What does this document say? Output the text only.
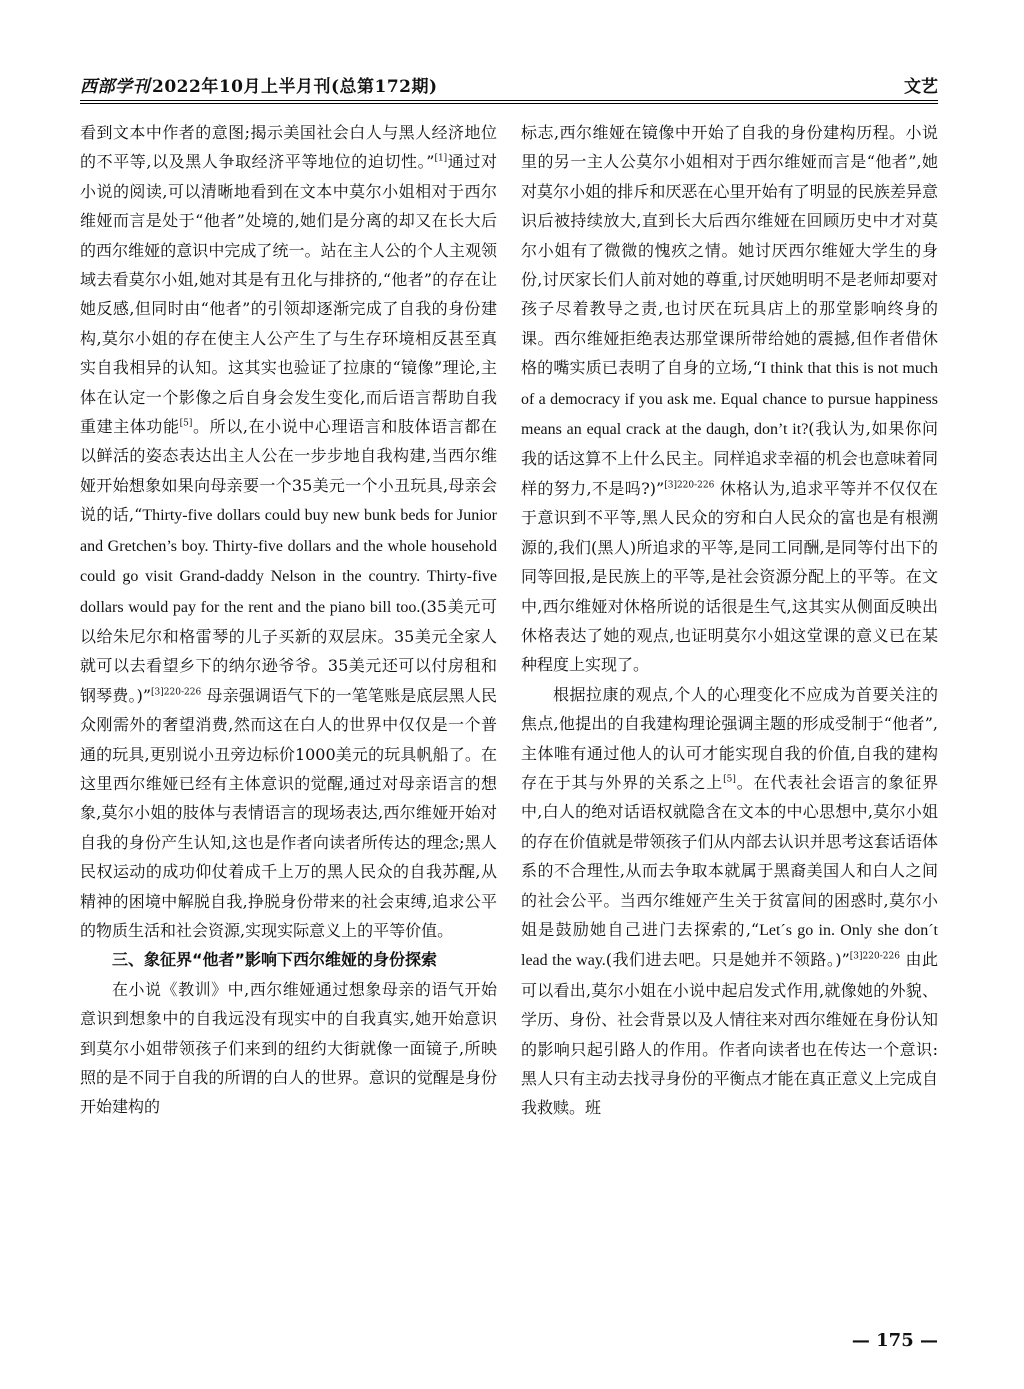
西部学刊 2022年10月上半月刊(总第172期)	文艺

看到文本中作者的意图;揭示美国社会白人与黑人经济地位的不平等,以及黑人争取经济平等地位的迫切性。”[1]通过对小说的阅读,可以清晰地看到在文本中莫尔小姐相对于西尔维娅而言是处于“他者”处境的,她们是分离的却又在长大后的西尔维娅的意识中完成了统一。站在主人公的个人主观领域去看莫尔小姐,她对其是有丑化与排挤的,“他者”的存在让她反感,但同时由“他者”的引领却逐渐完成了自我的身份建构,莫尔小姐的存在使主人公产生了与生存环境相反甚至真实自我相异的认知。这其实也验证了拉康的“镜像”理论,主体在认定一个影像之后自身会发生变化,而后语言帮助自我重建主体功能[5]。所以,在小说中心理语言和肢体语言都在以鲜活的姿态表达出主人公在一步步地自我构建,当西尔维娅开始想象如果向母亲要一个35美元一个小丑玩具,母亲会说的话,“Thirty-five dollars could buy new bunk beds for Junior and Gretchen’s boy. Thirty-five dollars and the whole household could go visit Grand-daddy Nelson in the country. Thirty-five dollars would pay for the rent and the piano bill too.(35美元可以给朱尼尔和格雷琴的儿子买新的双层床。35美元全家人就可以去看望乡下的纳尔逊爷爷。35美元还可以付房租和钢琴费。)”$^{[3]220-226}$ 母亲强调语气下的一笔笔账是底层黑人民众刚需外的奢望消费,然而这在白人的世界中仅仅是一个普通的玩具,更别说小丑旁边标价1000美元的玩具帆船了。在这里西尔维娅已经有主体意识的觉醒,通过对母亲语言的想象,莫尔小姐的肢体与表情语言的现场表达,西尔维娅开始对自我的身份产生认知,这也是作者向读者所传达的理念;黑人民权运动的成功仰仗着成千上万的黑人民众的自我苏醒,从精神的困境中解脱自我,挣脱身份带来的社会束缚,追求公平的物质生活和社会资源,实现实际意义上的平等价值。

三、象征界“他者”影响下西尔维娅的身份探索

在小说《教训》中,西尔维娅通过想象母亲的语气开始意识到想象中的自我远没有现实中的自我真实,她开始意识到莫尔小姐带领孩子们来到的纽约大街就像一面镜子,所映照的是不同于自我的所谓的白人的世界。意识的觉醒是身份开始建构的

标志,西尔维娅在镜像中开始了自我的身份建构历程。小说里的另一主人公莫尔小姐相对于西尔维娅而言是“他者”,她对莫尔小姐的排斥和厌恶在心里开始有了明显的民族差异意识后被持续放大,直到长大后西尔维娅在回顾历史中才对莫尔小姐有了微微的愧疚之情。她讨厌西尔维娅大学生的身份,讨厌家长们人前对她的尊重,讨厌她明明不是老师却要对孩子尽着教导之责,也讨厌在玩具店上的那堂影响终身的课。西尔维娅拒绝表达那堂课所带给她的震撼,但作者借休格的嘴实质已表明了自身的立场,“I think that this is not much of a democracy if you ask me. Equal chance to pursue happiness means an equal crack at the daugh, don’t it?(我认为,如果你问我的话这算不上什么民主。同样追求幸福的机会也意味着同样的努力,不是吗?)”$^{[3]220-226}$ 休格认为,追求平等并不仅仅在于意识到不平等,黑人民众的穷和白人民众的富也是有根溯源的,我们(黑人)所追求的平等,是同工同酬,是同等付出下的同等回报,是民族上的平等,是社会资源分配上的平等。在文中,西尔维娅对休格所说的话很是生气,这其实从侧面反映出休格表达了她的观点,也证明莫尔小姐这堂课的意义已在某种程度上实现了。

根据拉康的观点,个人的心理变化不应成为首要关注的焦点,他提出的自我建构理论强调主题的形成受制于“他者”,主体唯有通过他人的认可才能实现自我的价值,自我的建构存在于其与外界的关系之上[5]。在代表社会语言的象征界中,白人的绝对话语权就隐含在文本的中心思想中,莫尔小姐的存在价值就是带领孩子们从内部去认识并思考这套话语体系的不合理性,从而去争取本就属于黑裔美国人和白人之间的社会公平。当西尔维娅产生关于贫富间的困惑时,莫尔小姐是鼓励她自己进门去探索的,“Let´s go in. Only she don´t lead the way.(我们进去吧。只是她并不领路。)”$^{[3]220-226}$ 由此可以看出,莫尔小姐在小说中起启发式作用,就像她的外貌、学历、身份、社会背景以及人情往来对西尔维娅在身份认知的影响只起引路人的作用。作者向读者也在传达一个意识:黑人只有主动去找寻身份的平衡点才能在真正意义上完成自我救赎。班

— 175 —
